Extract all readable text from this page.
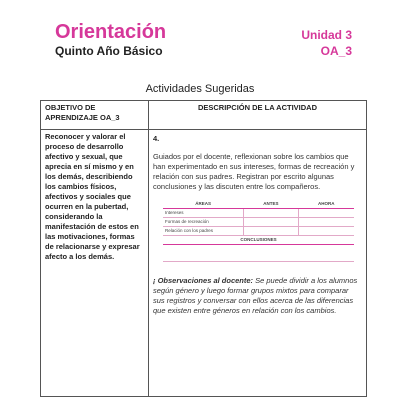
Orientación
Quinto Año Básico
Unidad 3
OA_3
Actividades Sugeridas
OBJETIVO DE APRENDIZAJE OA_3	DESCRIPCIÓN DE LA ACTIVIDAD
Reconocer y valorar el proceso de desarrollo afectivo y sexual, que aprecia en sí mismo y en los demás, describiendo los cambios físicos, afectivos y sociales que ocurren en la pubertad, considerando la manifestación de estos en las motivaciones, formas de relacionarse y expresar afecto a los demás.	
4.

Guiados por el docente, reflexionan sobre los cambios que han experimentado en sus intereses, formas de recreación y relación con sus padres. Registran por escrito algunas conclusiones y las discuten entre los compañeros.

ÁREAS	ANTES	AHORA
Intereses		
Formas de recreación		
Relación con los padres		
CONCLUSIONES

¡ Observaciones al docente: Se puede dividir a los alumnos según género y luego formar grupos mixtos para comparar sus registros y conversar con ellos acerca de las diferencias que existen entre géneros en relación con los cambios.
